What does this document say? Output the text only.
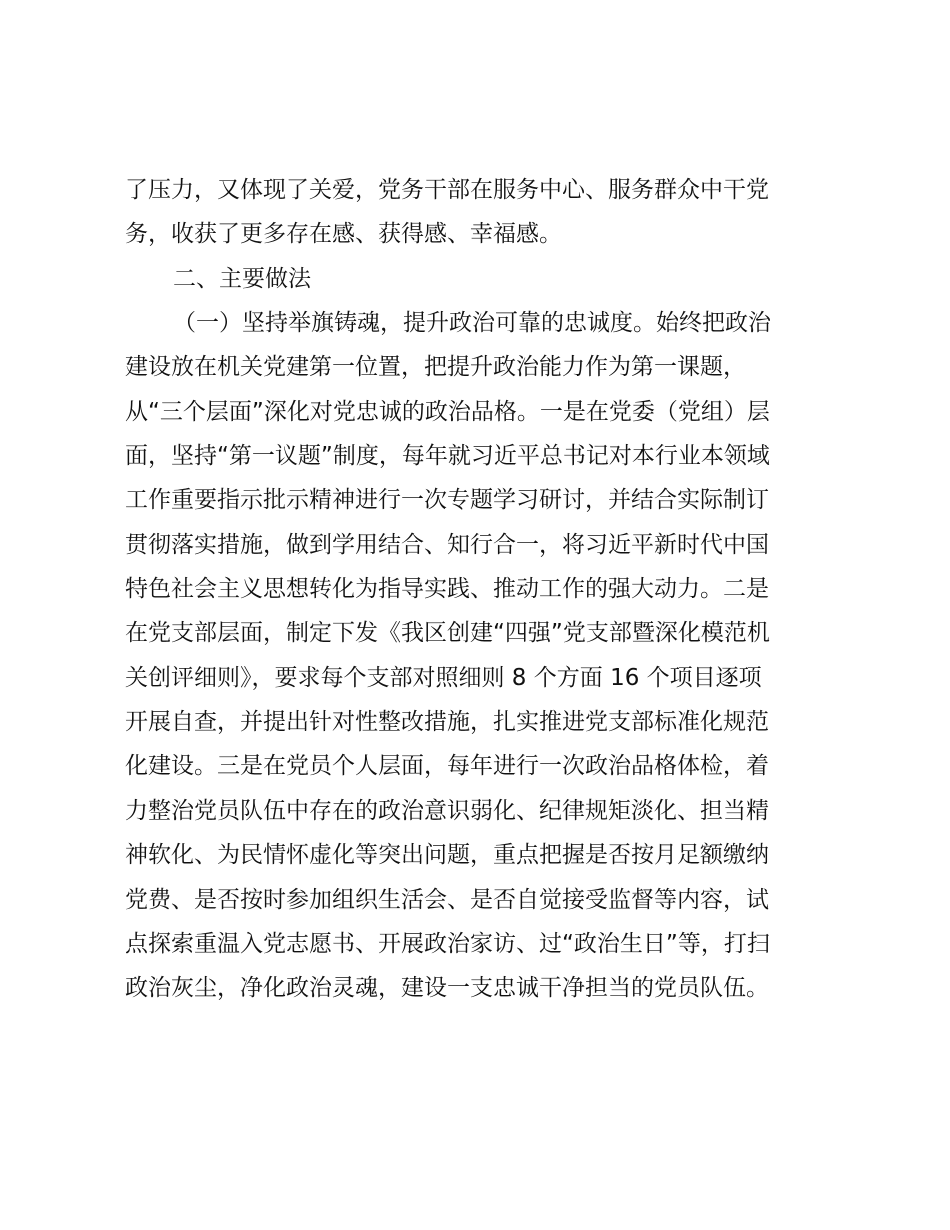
了压力，又体现了关爱，党务干部在服务中心、服务群众中干党
务，收获了更多存在感、获得感、幸福感。
二、主要做法
（一）坚持举旗铸魂，提升政治可靠的忠诚度。始终把政治
建设放在机关党建第一位置，把提升政治能力作为第一课题，
从“三个层面”深化对党忠诚的政治品格。一是在党委（党组）层
面，坚持“第一议题”制度，每年就习近平总书记对本行业本领域
工作重要指示批示精神进行一次专题学习研讨，并结合实际制订
贯彻落实措施，做到学用结合、知行合一，将习近平新时代中国
特色社会主义思想转化为指导实践、推动工作的强大动力。二是
在党支部层面，制定下发《我区创建“四强”党支部暨深化模范机
关创评细则》，要求每个支部对照细则 8 个方面 16 个项目逐项
开展自查，并提出针对性整改措施，扎实推进党支部标准化规范
化建设。三是在党员个人层面，每年进行一次政治品格体检，着
力整治党员队伍中存在的政治意识弱化、纪律规矩淡化、担当精
神软化、为民情怀虚化等突出问题，重点把握是否按月足额缴纳
党费、是否按时参加组织生活会、是否自觉接受监督等内容，试
点探索重温入党志愿书、开展政治家访、过“政治生日”等，打扫
政治灰尘，净化政治灵魂，建设一支忠诚干净担当的党员队伍。
